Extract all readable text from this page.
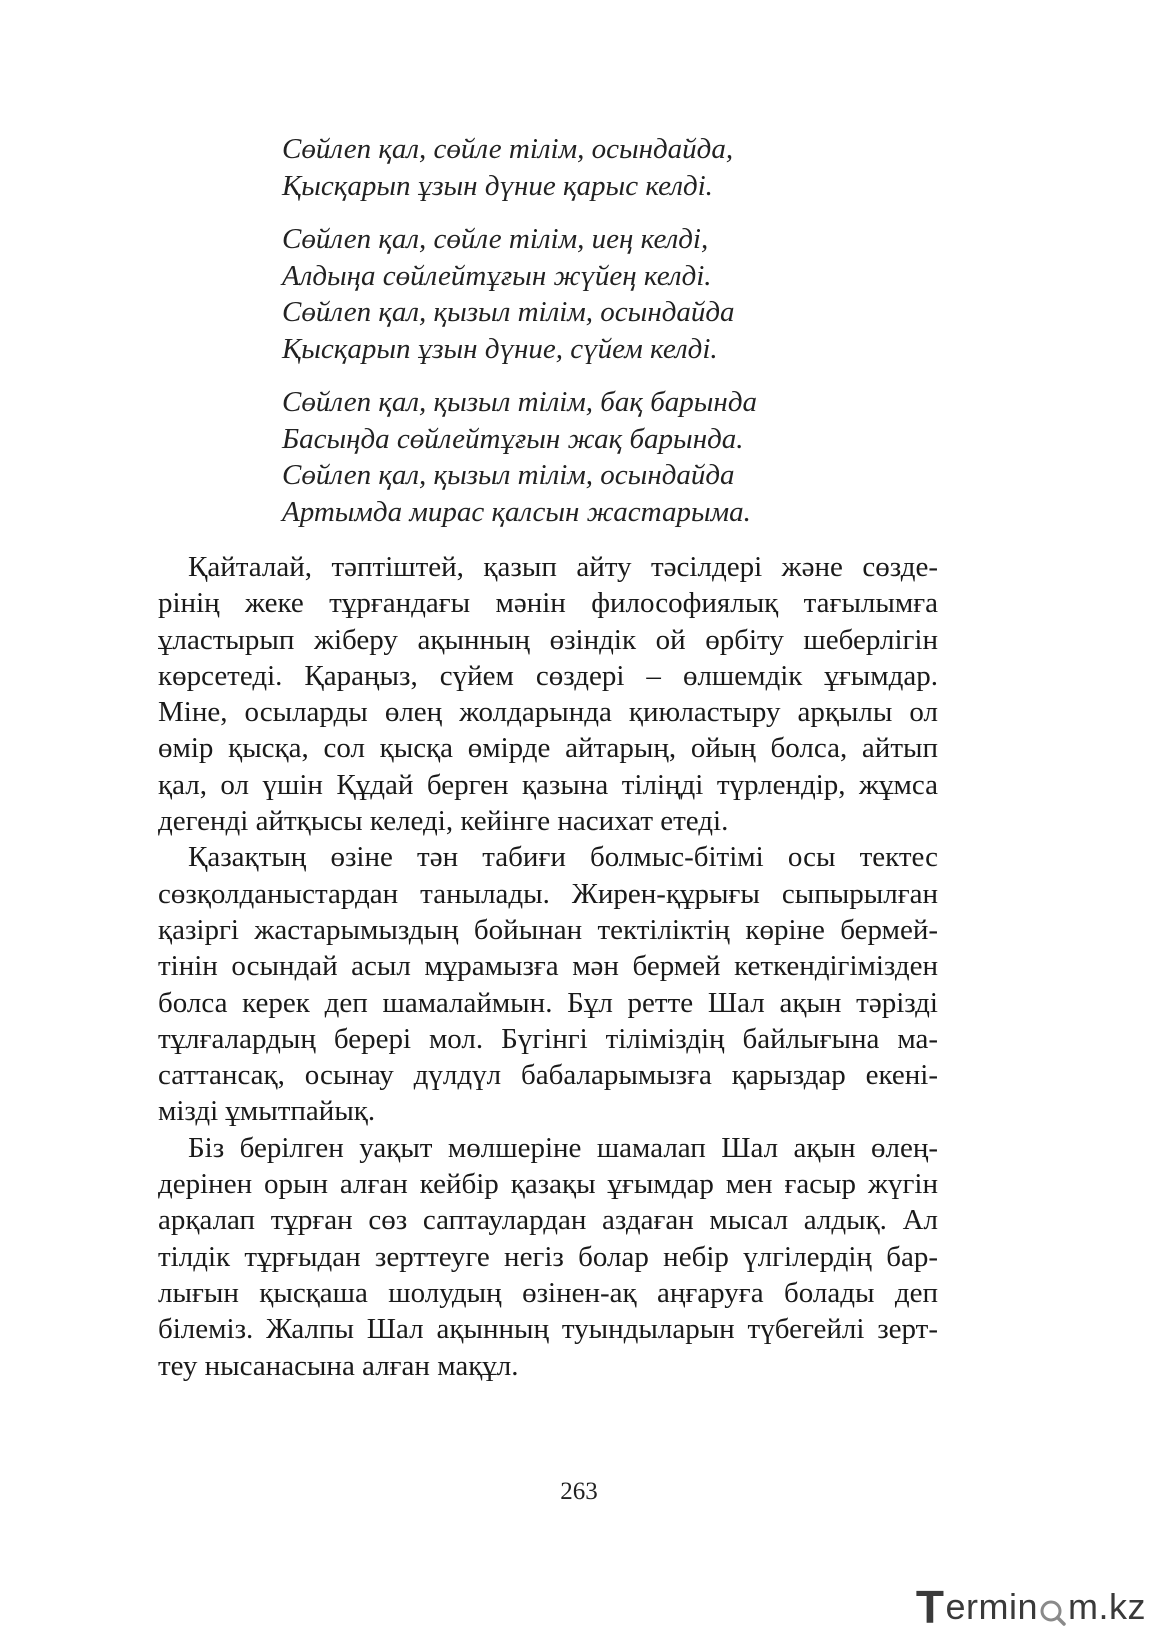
Сөйлеп қал, сөйле тілім, осындайда,
Қысқарып ұзын дүние қарыс келді.
Сөйлеп қал, сөйле тілім, иең келді,
Алдыңа сөйлейтұғын жүйең келді.
Сөйлеп қал, қызыл тілім, осындайда
Қысқарып ұзын дүние, сүйем келді.
Сөйлеп қал, қызыл тілім, бақ барында
Басыңда сөйлейтұғын жақ барында.
Сөйлеп қал, қызыл тілім, осындайда
Артымда мирас қалсын жастарыма.
Қайталай, тәптіштей, қазып айту тәсілдері және сөзде-
рінің жеке тұрғандағы мәнін философиялық тағылымға
ұластырып жіберу ақынның өзіндік ой өрбіту шеберлігін
көрсетеді. Қараңыз, сүйем сөздері – өлшемдік ұғымдар.
Міне, осыларды өлең жолдарында қиюластыру арқылы ол
өмір қысқа, сол қысқа өмірде айтарың, ойың болса, айтып
қал, ол үшін Құдай берген қазына тіліңді түрлендір, жұмса
дегенді айтқысы келеді, кейінге насихат етеді.
Қазақтың өзіне тән табиғи болмыс-бітімі осы тектес
сөзқолданыстардан танылады. Жирен-құрығы сыпырылған
қазіргі жастарымыздың бойынан тектіліктің көріне бермей-
тінін осындай асыл мұрамызға мән бермей кеткендігімізден
болса керек деп шамалаймын. Бұл ретте Шал ақын тәрізді
тұлғалардың берері мол. Бүгінгі тіліміздің байлығына ма-
саттансақ, осынау дүлдүл бабаларымызға қарыздар екені-
мізді ұмытпайық.
Біз берілген уақыт мөлшеріне шамалап Шал ақын өлең-
дерінен орын алған кейбір қазақы ұғымдар мен ғасыр жүгін
арқалап тұрған сөз саптаулардан аздаған мысал алдық. Ал
тілдік тұрғыдан зерттеуге негіз болар небір үлгілердің бар-
лығын қысқаша шолудың өзінен-ақ аңғаруға болады деп
білеміз. Жалпы Шал ақынның туындыларын түбегейлі зерт-
теу нысанасына алған мақұл.
263
T ermin m.kz
